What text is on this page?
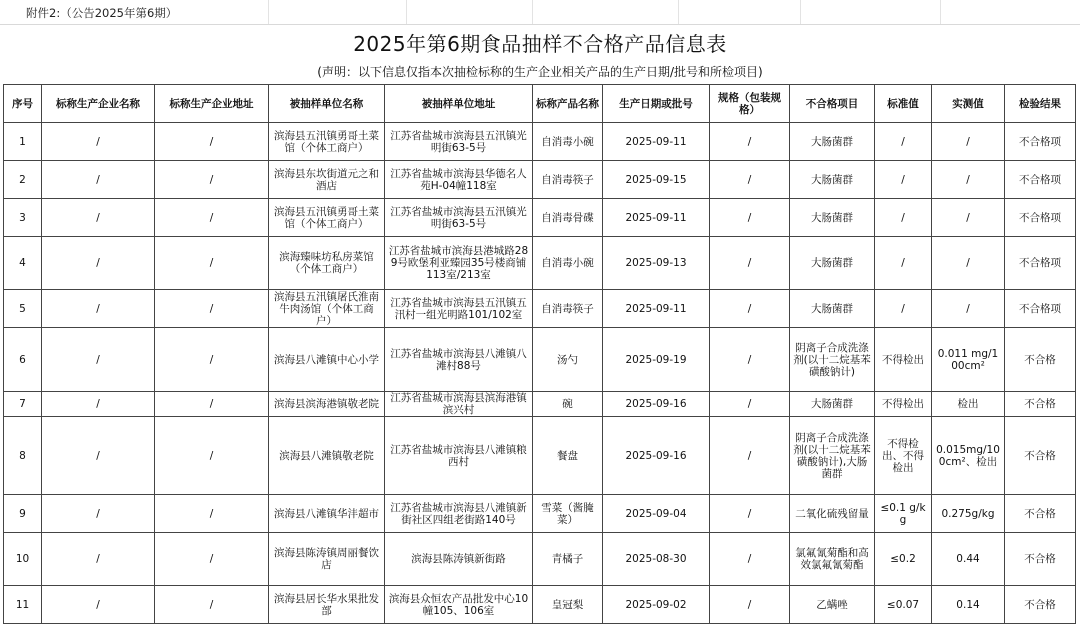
附件2:（公告2025年第6期）
2025年第6期食品抽样不合格产品信息表
(声明：以下信息仅指本次抽检标称的生产企业相关产品的生产日期/批号和所检项目)
序号	标称生产企业名称	标称生产企业地址	被抽样单位名称	被抽样单位地址	标称产品名称	生产日期或批号	规格（包装规格）	不合格项目	标准值	实测值	检验结果
1	/	/	滨海县五汛镇勇哥土菜馆（个体工商户）	江苏省盐城市滨海县五汛镇光明街63-5号	自消毒小碗	2025-09-11	/	大肠菌群	/	/	不合格项
2	/	/	滨海县东坎街道元之和酒店	江苏省盐城市滨海县华德名人苑H-04幢118室	自消毒筷子	2025-09-15	/	大肠菌群	/	/	不合格项
3	/	/	滨海县五汛镇勇哥土菜馆（个体工商户）	江苏省盐城市滨海县五汛镇光明街63-5号	自消毒骨碟	2025-09-11	/	大肠菌群	/	/	不合格项
4	/	/	滨海臻味坊私房菜馆（个体工商户）	江苏省盐城市滨海县港城路289号欧堡利亚臻园35号楼商铺113室/213室	自消毒小碗	2025-09-13	/	大肠菌群	/	/	不合格项
5	/	/	滨海县五汛镇屠氏淮南牛肉汤馆（个体工商户）	江苏省盐城市滨海县五汛镇五汛村一组光明路101/102室	自消毒筷子	2025-09-11	/	大肠菌群	/	/	不合格项
6	/	/	滨海县八滩镇中心小学	江苏省盐城市滨海县八滩镇八滩村88号	汤勺	2025-09-19	/	阴离子合成洗涤剂(以十二烷基苯磺酸钠计)	不得检出	0.011 mg/100cm²	不合格
7	/	/	滨海县滨海港镇敬老院	江苏省盐城市滨海县滨海港镇滨兴村	碗	2025-09-16	/	大肠菌群	不得检出	检出	不合格
8	/	/	滨海县八滩镇敬老院	江苏省盐城市滨海县八滩镇粮西村	餐盘	2025-09-16	/	阴离子合成洗涤剂(以十二烷基苯磺酸钠计),大肠菌群	不得检出、不得检出	0.015mg/100cm²、检出	不合格
9	/	/	滨海县八滩镇华沣超市	江苏省盐城市滨海县八滩镇新街社区四组老街路140号	雪菜（酱腌菜）	2025-09-04	/	二氧化硫残留量	≤0.1 g/kg	0.275g/kg	不合格
10	/	/	滨海县陈涛镇周丽餐饮店	滨海县陈涛镇新街路	青橘子	2025-08-30	/	氯氟氰菊酯和高效氯氟氰菊酯	≤0.2	0.44	不合格
11	/	/	滨海县居长华水果批发部	滨海县众恒农产品批发中心10幢105、106室	皇冠梨	2025-09-02	/	乙螨唑	≤0.07	0.14	不合格
